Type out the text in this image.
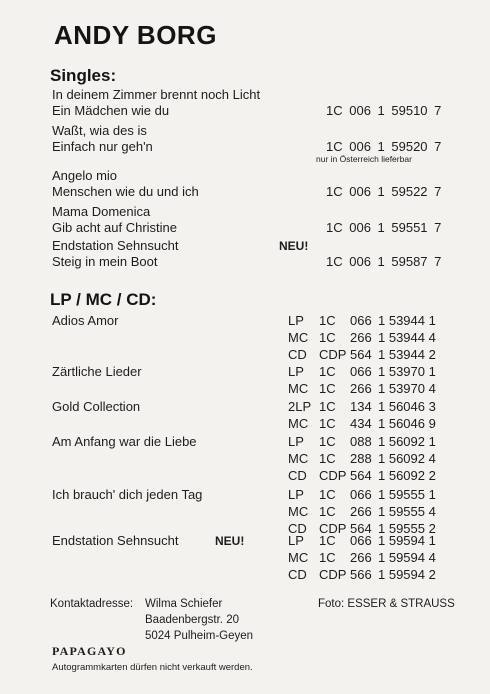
ANDY BORG
Singles:
In deinem Zimmer brennt noch Licht
Ein Mädchen wie du	1C 006 1 59510 7
Waßt, wia des is
Einfach nur geh'n	1C 006 1 59520 7
nur in Österreich lieferbar
Angelo mio
Menschen wie du und ich	1C 006 1 59522 7
Mama Domenica
Gib acht auf Christine	1C 006 1 59551 7
Endstation Sehnsucht
Steig in mein Boot	1C 006 1 59587 7
NEU!
LP / MC / CD:
Adios Amor	LP 1C 066 1 53944 1
MC 1C 266 1 53944 4
CD CDP 564 1 53944 2
Zärtliche Lieder	LP 1C 066 1 53970 1
MC 1C 266 1 53970 4
Gold Collection	2LP 1C 134 1 56046 3
MC 1C 434 1 56046 9
Am Anfang war die Liebe	LP 1C 088 1 56092 1
MC 1C 288 1 56092 4
CD CDP 564 1 56092 2
Ich brauch' dich jeden Tag	LP 1C 066 1 59555 1
MC 1C 266 1 59555 4
CD CDP 564 1 59555 2
Endstation Sehnsucht	NEU!	LP 1C 066 1 59594 1
MC 1C 266 1 59594 4
CD CDP 566 1 59594 2
Kontaktadresse: Wilma Schiefer
Baadenbergstr. 20
5024 Pulheim-Geyen
Foto: ESSER & STRAUSS
PAPAGAYO
Autogrammkarten dürfen nicht verkauft werden.
